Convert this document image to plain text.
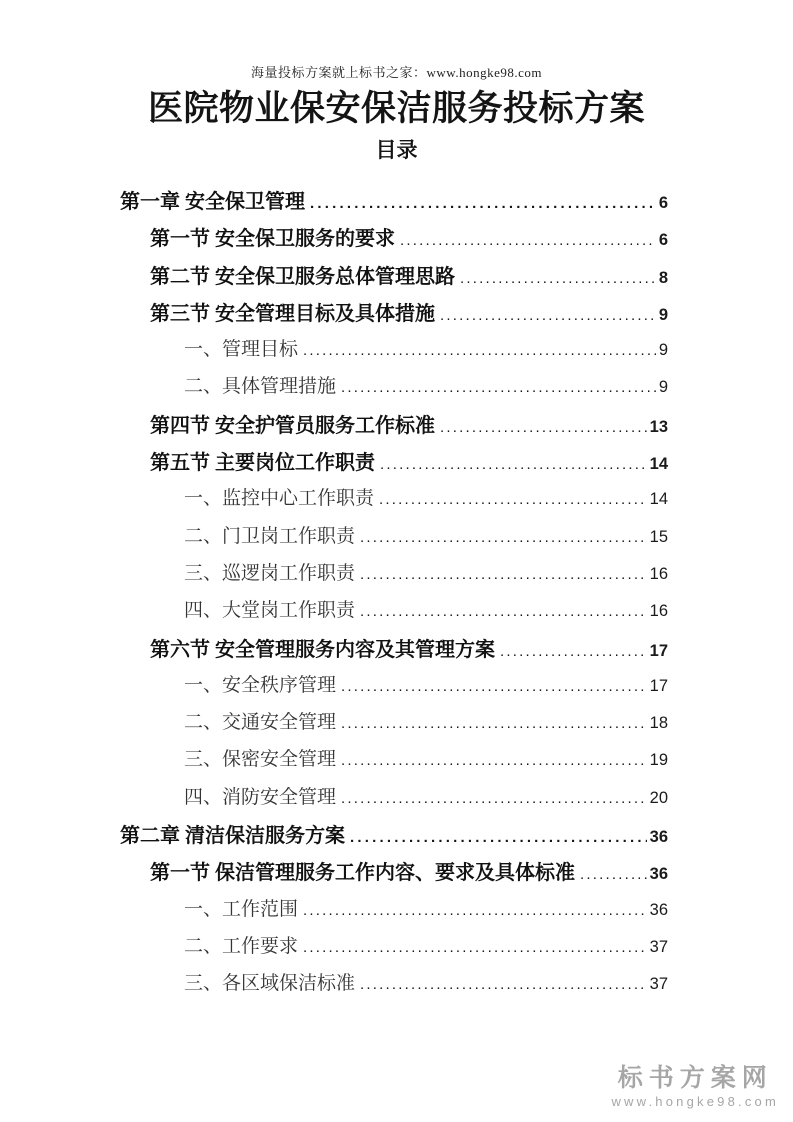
海量投标方案就上标书之家：www.hongke98.com
医院物业保安保洁服务投标方案
目录
第一章 安全保卫管理 .....	6
第一节 安全保卫服务的要求 .....	6
第二节 安全保卫服务总体管理思路 .....	8
第三节 安全管理目标及具体措施 .....	9
一、管理目标 .....	9
二、具体管理措施 .....	9
第四节 安全护管员服务工作标准 .....	13
第五节 主要岗位工作职责 .....	14
一、监控中心工作职责 .....	14
二、门卫岗工作职责 .....	15
三、巡逻岗工作职责 .....	16
四、大堂岗工作职责 .....	16
第六节 安全管理服务内容及其管理方案 .....	17
一、安全秩序管理 .....	17
二、交通安全管理 .....	18
三、保密安全管理 .....	19
四、消防安全管理 .....	20
第二章 清洁保洁服务方案 .....	36
第一节 保洁管理服务工作内容、要求及具体标准 .....	36
一、工作范围 .....	36
二、工作要求 .....	37
三、各区域保洁标准 .....	37
标书方案网
www.hongke98.com
